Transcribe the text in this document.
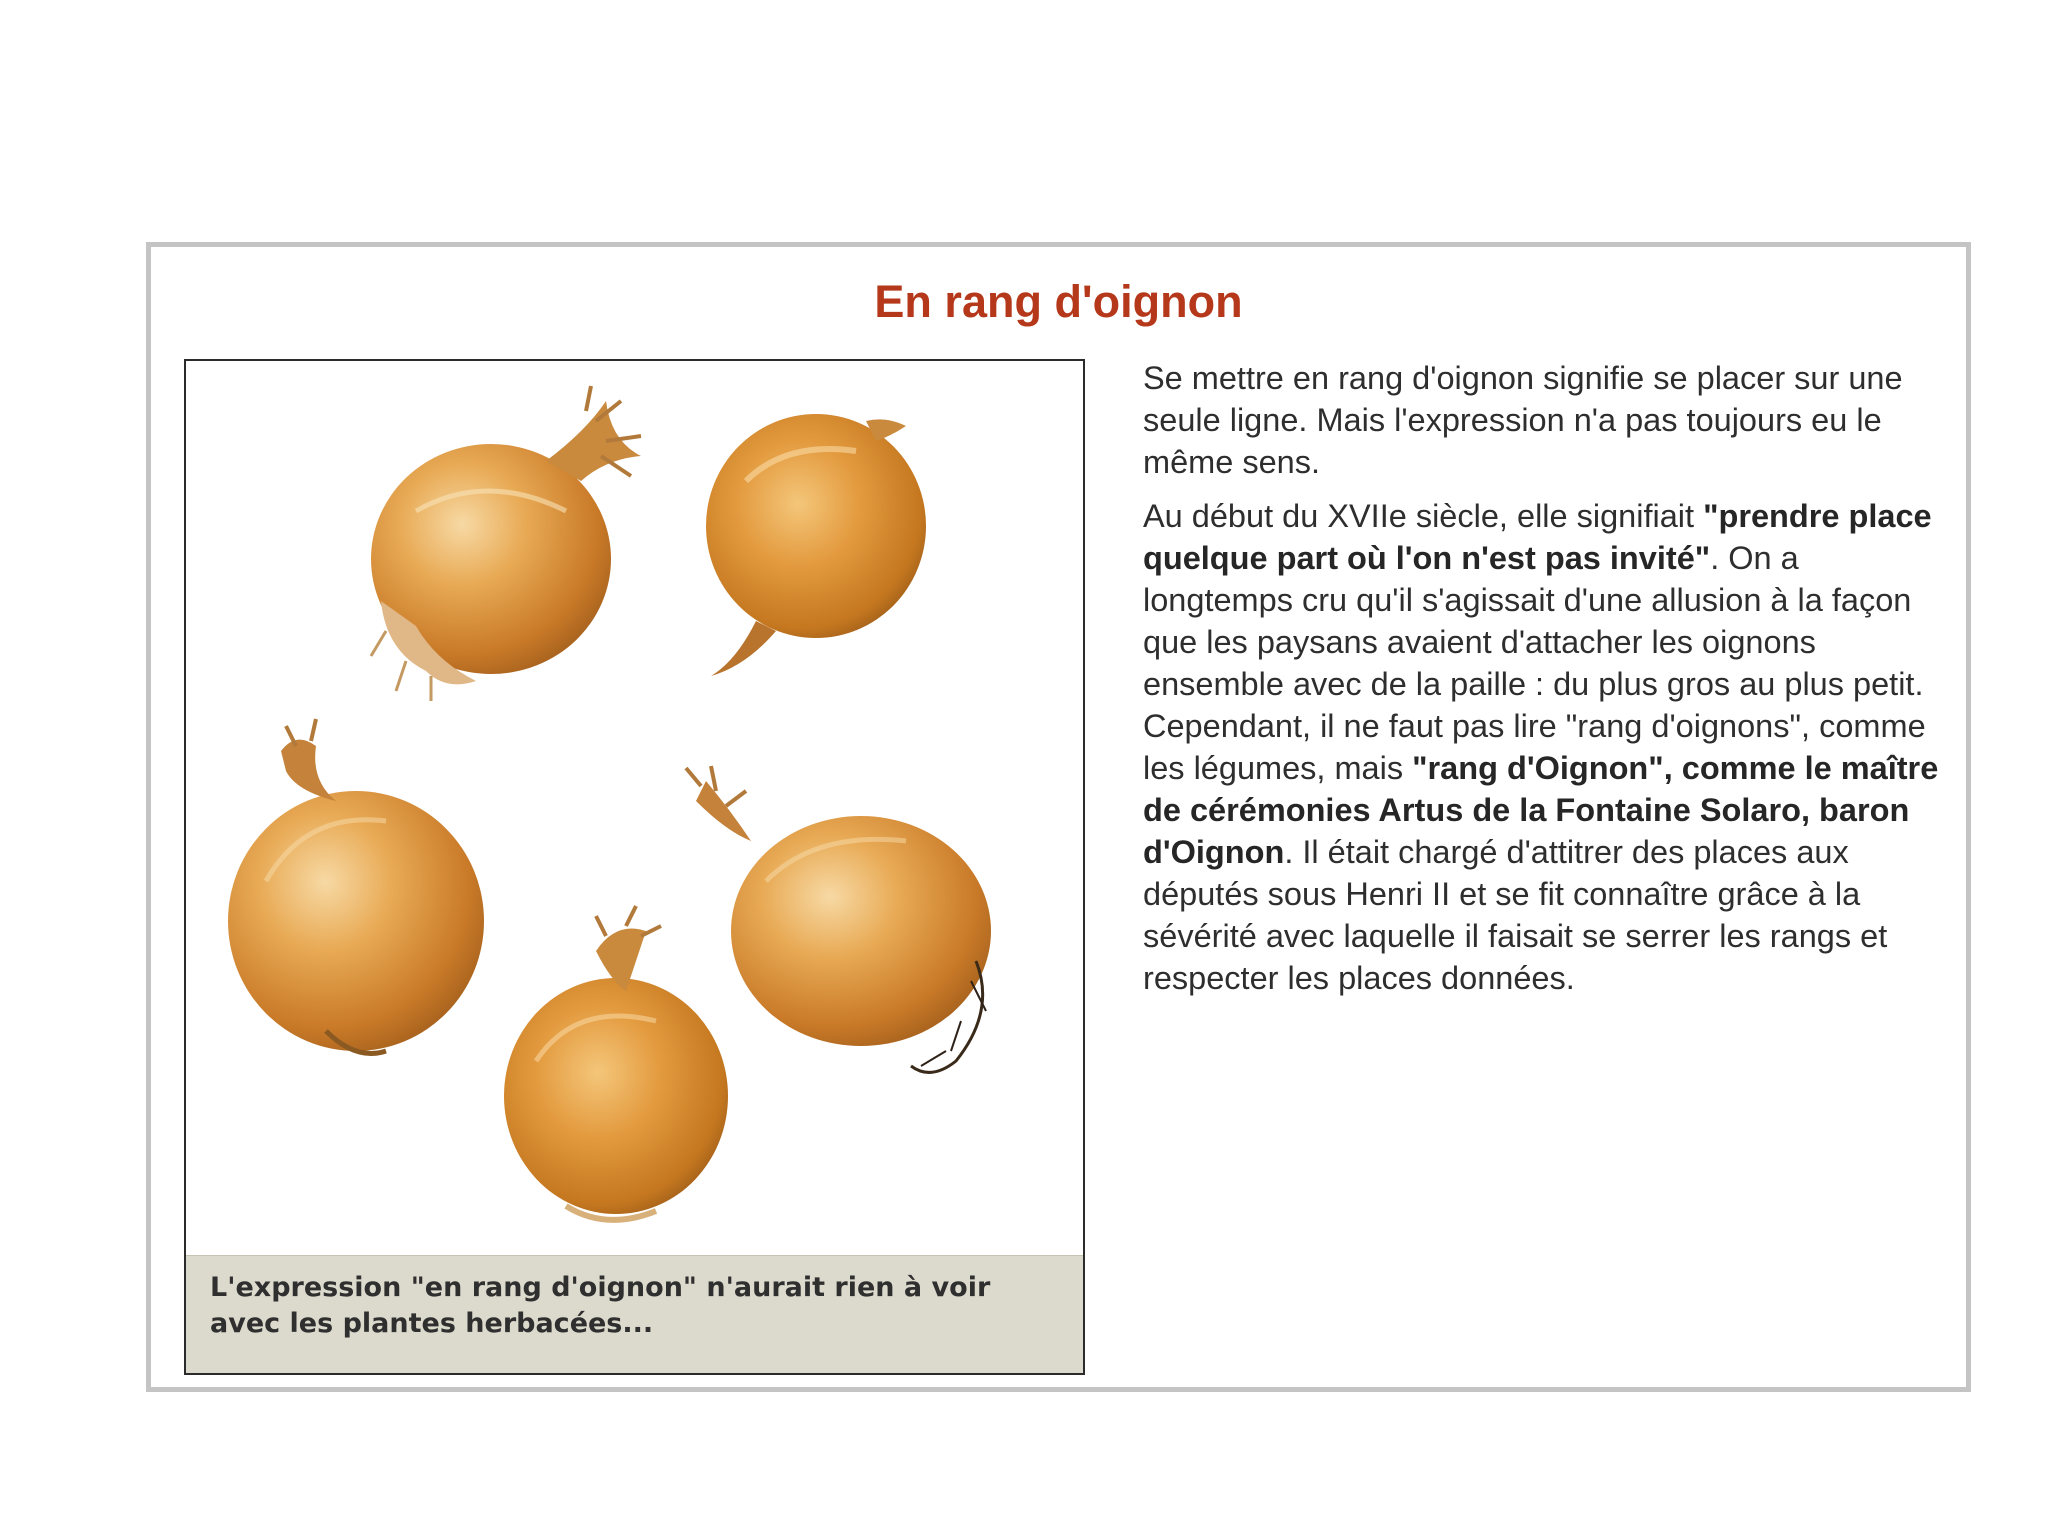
En rang d'oignon
L'expression "en rang d'oignon" n'aurait rien à voir avec les plantes herbacées...

Se mettre en rang d'oignon signifie se placer sur une seule ligne. Mais l'expression n'a pas toujours eu le même sens.

Au début du XVIIe siècle, elle signifiait "prendre place quelque part où l'on n'est pas invité". On a longtemps cru qu'il s'agissait d'une allusion à la façon que les paysans avaient d'attacher les oignons ensemble avec de la paille : du plus gros au plus petit. Cependant, il ne faut pas lire "rang d'oignons", comme les légumes, mais "rang d'Oignon", comme le maître de cérémonies Artus de la Fontaine Solaro, baron d'Oignon. Il était chargé d'attitrer des places aux députés sous Henri II et se fit connaître grâce à la sévérité avec laquelle il faisait se serrer les rangs et respecter les places données.
